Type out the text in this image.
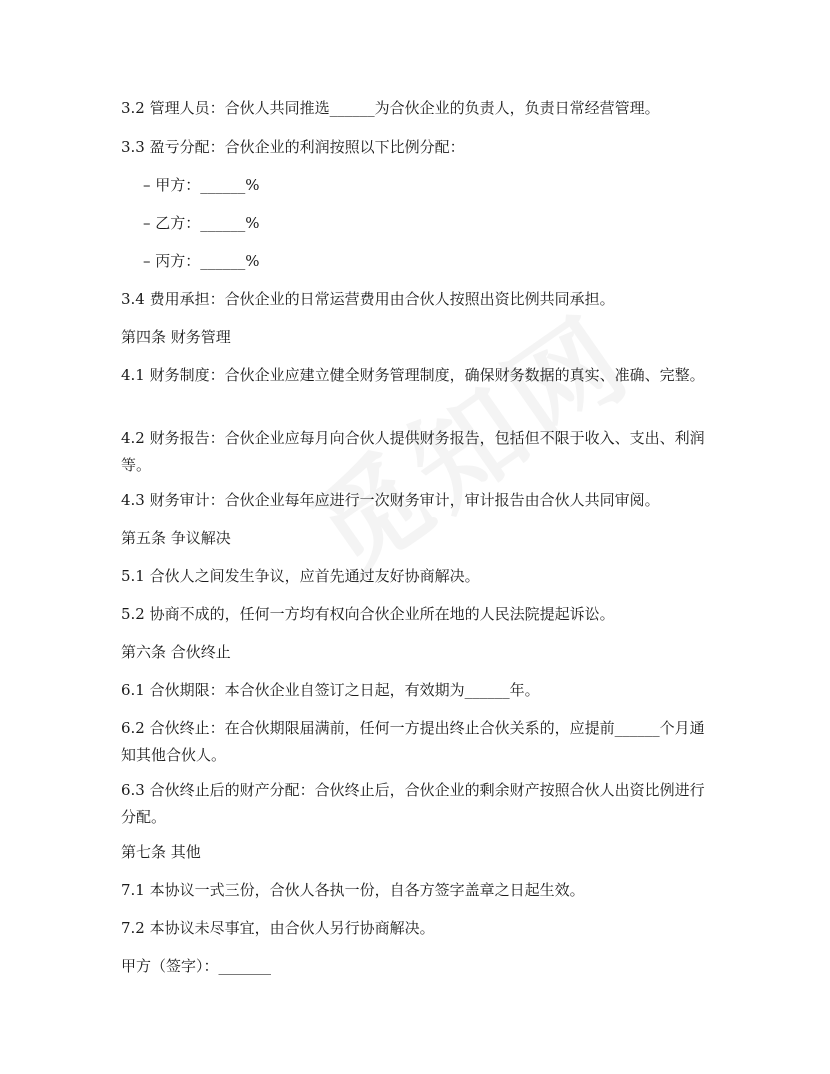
3.2 管理人员：合伙人共同推选______为合伙企业的负责人，负责日常经营管理。

3.3 盈亏分配：合伙企业的利润按照以下比例分配：

– 甲方：______%

– 乙方：______%

– 丙方：______%

3.4 费用承担：合伙企业的日常运营费用由合伙人按照出资比例共同承担。

第四条 财务管理

4.1 财务制度：合伙企业应建立健全财务管理制度，确保财务数据的真实、准确、完整。

4.2 财务报告：合伙企业应每月向合伙人提供财务报告，包括但不限于收入、支出、利润等。

4.3 财务审计：合伙企业每年应进行一次财务审计，审计报告由合伙人共同审阅。

第五条 争议解决

5.1 合伙人之间发生争议，应首先通过友好协商解决。

5.2 协商不成的，任何一方均有权向合伙企业所在地的人民法院提起诉讼。

第六条 合伙终止

6.1 合伙期限：本合伙企业自签订之日起，有效期为______年。

6.2 合伙终止：在合伙期限届满前，任何一方提出终止合伙关系的，应提前______个月通知其他合伙人。

6.3 合伙终止后的财产分配：合伙终止后，合伙企业的剩余财产按照合伙人出资比例进行分配。

第七条 其他

7.1 本协议一式三份，合伙人各执一份，自各方签字盖章之日起生效。

7.2 本协议未尽事宜，由合伙人另行协商解决。

甲方（签字）：_______
